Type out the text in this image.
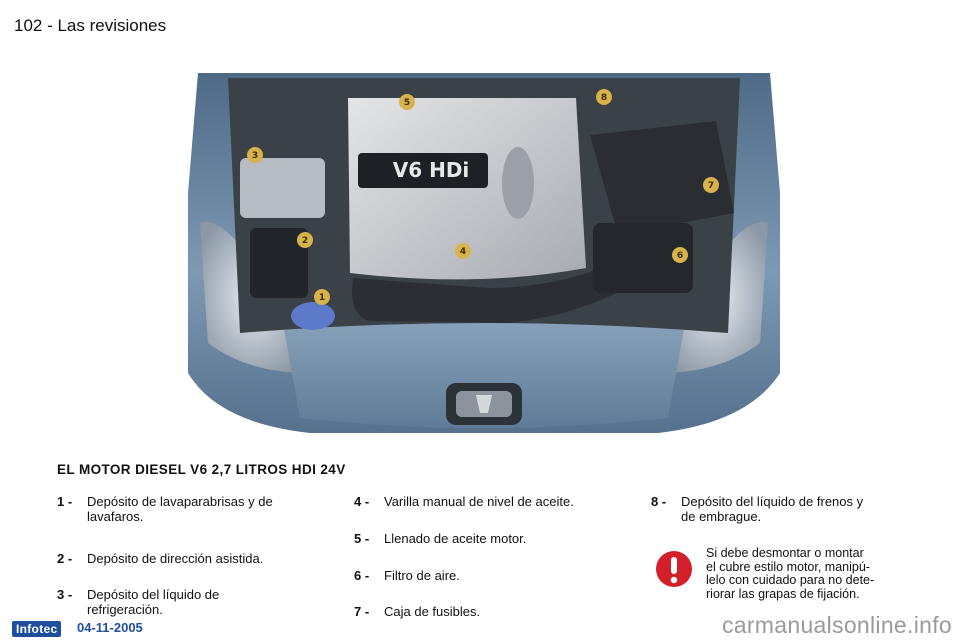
102 - Las revisiones
V6 HDi
1
2
3
4
5
6
7
8
EL MOTOR DIESEL V6 2,7 LITROS HDI 24V
1 - Depósito de lavaparabrisas y de
lavafaros.
2 - Depósito de dirección asistida.
3 - Depósito del líquido de
refrigeración.
4 - Varilla manual de nivel de aceite.
5 - Llenado de aceite motor.
6 - Filtro de aire.
7 - Caja de fusibles.
8 - Depósito del líquido de frenos y
de embrague.
Si debe desmontar o montar
el cubre estilo motor, manipú-
lelo con cuidado para no dete-
riorar las grapas de fijación.
Infotec	04-11-2005	carmanualsonline.info
